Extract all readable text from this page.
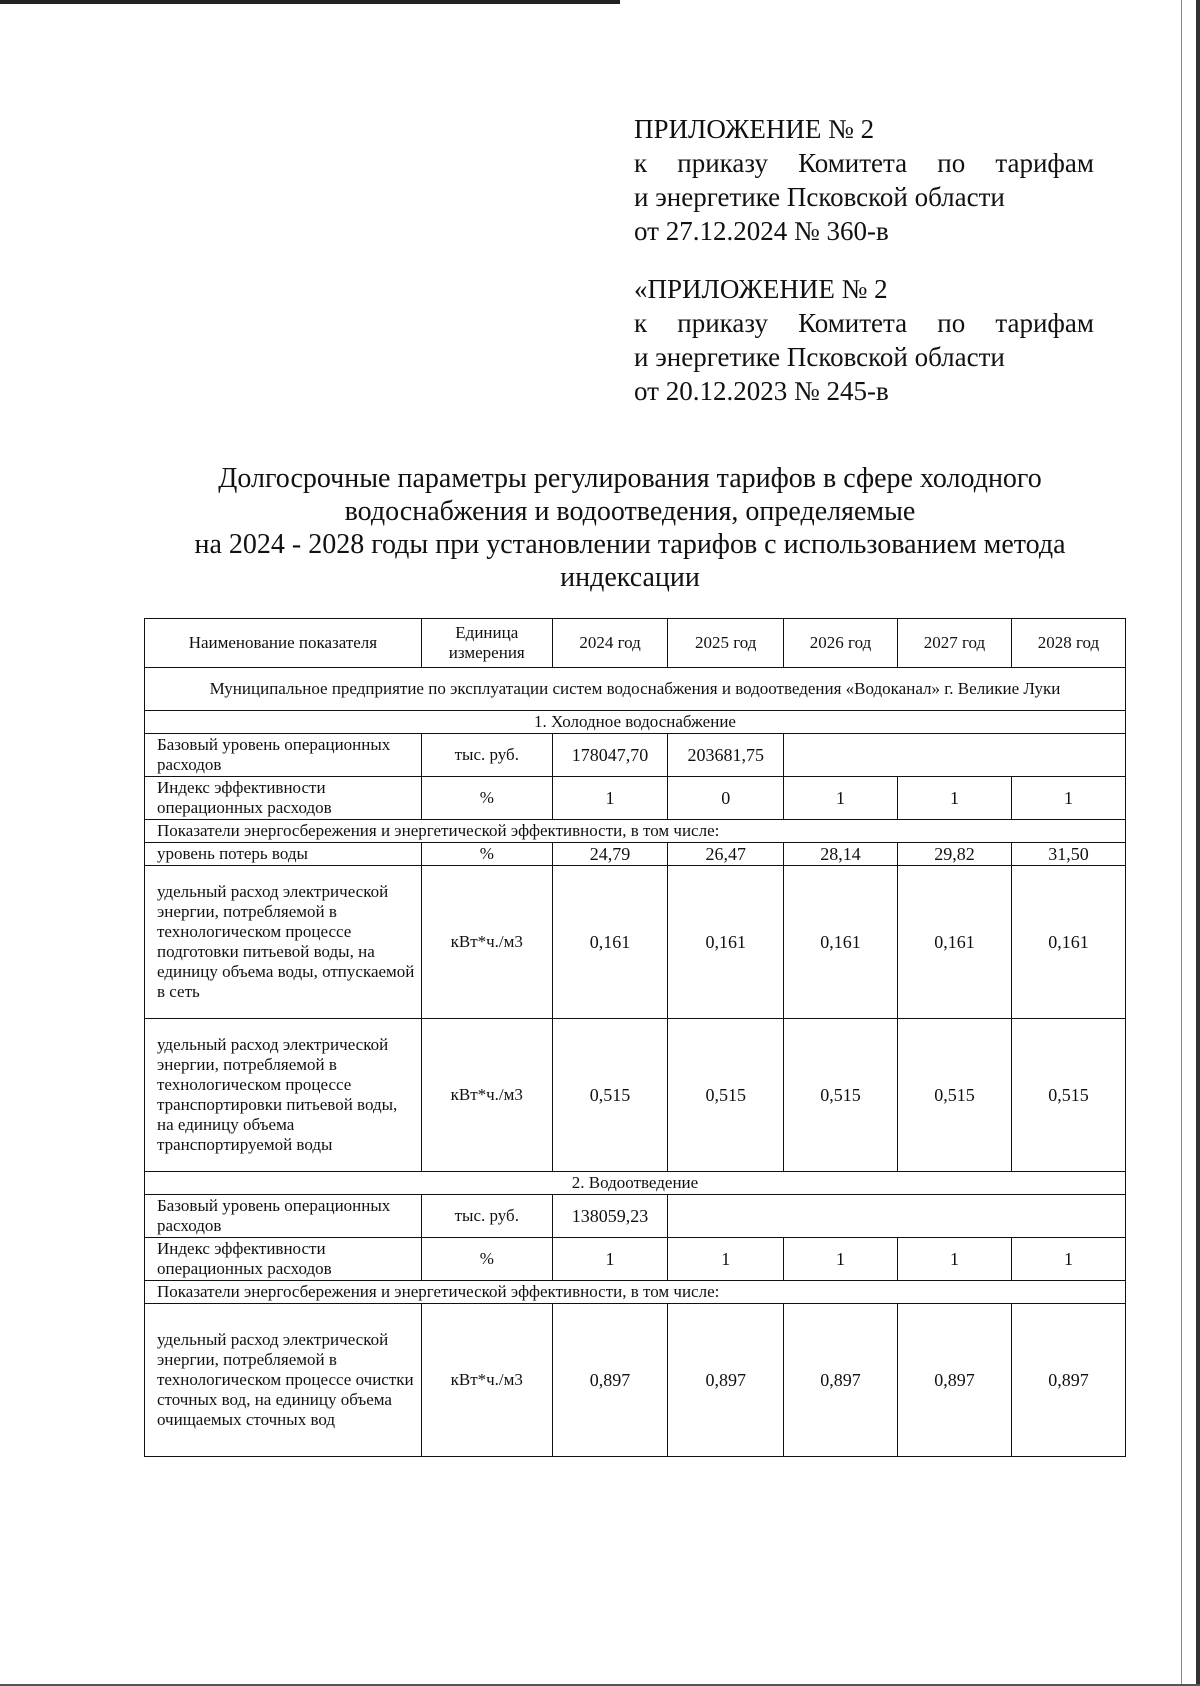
ПРИЛОЖЕНИЕ № 2
к приказу Комитета по тарифам
и энергетике Псковской области
от 27.12.2024 № 360-в
«ПРИЛОЖЕНИЕ № 2
к приказу Комитета по тарифам
и энергетике Псковской области
от 20.12.2023 № 245-в
Долгосрочные параметры регулирования тарифов в сфере холодного
водоснабжения и водоотведения, определяемые
на 2024 - 2028 годы при установлении тарифов с использованием метода
индексации
Наименование показателя	Единица измерения	2024 год	2025 год	2026 год	2027 год	2028 год
Муниципальное предприятие по эксплуатации систем водоснабжения и водоотведения «Водоканал» г. Великие Луки						
1. Холодное водоснабжение						
Базовый уровень операционных расходов	тыс. руб.	178047,70	203681,75			
Индекс эффективности операционных расходов	%	1	0	1	1	1
Показатели энергосбережения и энергетической эффективности, в том числе:						
уровень потерь воды	%	24,79	26,47	28,14	29,82	31,50
удельный расход электрической энергии, потребляемой в технологическом процессе подготовки питьевой воды, на единицу объема воды, отпускаемой в сеть	кВт*ч./м3	0,161	0,161	0,161	0,161	0,161
удельный расход электрической энергии, потребляемой в технологическом процессе транспортировки питьевой воды, на единицу объема транспортируемой воды	кВт*ч./м3	0,515	0,515	0,515	0,515	0,515
2. Водоотведение						
Базовый уровень операционных расходов	тыс. руб.	138059,23				
Индекс эффективности операционных расходов	%	1	1	1	1	1
Показатели энергосбережения и энергетической эффективности, в том числе:						
удельный расход электрической энергии, потребляемой в технологическом процессе очистки сточных вод, на единицу объема очищаемых сточных вод	кВт*ч./м3	0,897	0,897	0,897	0,897	0,897
